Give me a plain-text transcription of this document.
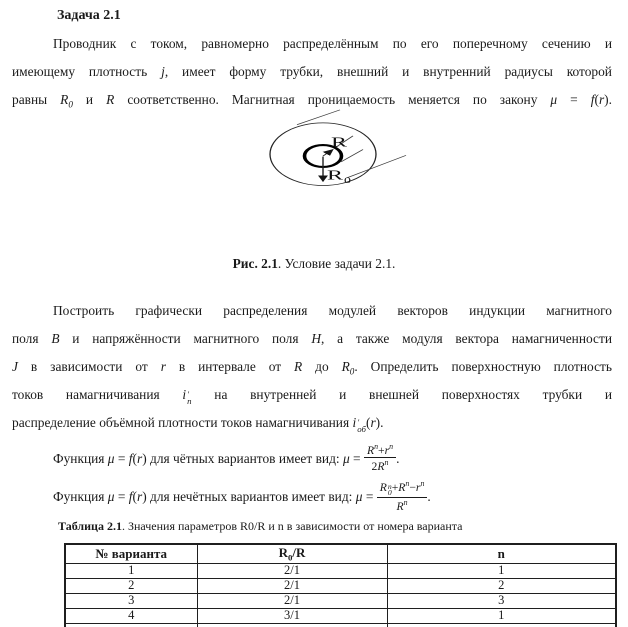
Задача 2.1
Проводник с током, равномерно распределённым по его поперечному сечению и
имеющему плотность j, имеет форму трубки, внешний и внутренний радиусы которой
равны $R_0$ и R соответственно. Магнитная проницаемость меняется по закону μ = f(r).
R
R 0
Рис. 2.1. Условие задачи 2.1.
Построить графически распределения модулей векторов индукции магнитного
поля B и напряжённости магнитного поля H, а также модуля вектора намагниченности
J в зависимости от r в интервале от R до $R_0$. Определить поверхностную плотность
токов намагничивания i ′
п на внутренней и внешней поверхностях трубки и
распределение объёмной плотности токов намагничивания i ′
об (r).
Функция μ = f(r) для чётных вариантов имеет вид: $\mu = \frac{R^n+r^n}{2R^n}$ .
Функция μ = f(r) для нечётных вариантов имеет вид: μ = R n
$0 +R^n-r^n$
$R^n$ .
Таблица 2.1. Значения параметров R0/R и n в зависимости от номера варианта
№ варианта	$R_0/R$	n
1	2/1	1
2	2/1	2
3	2/1	3
4	3/1	1
